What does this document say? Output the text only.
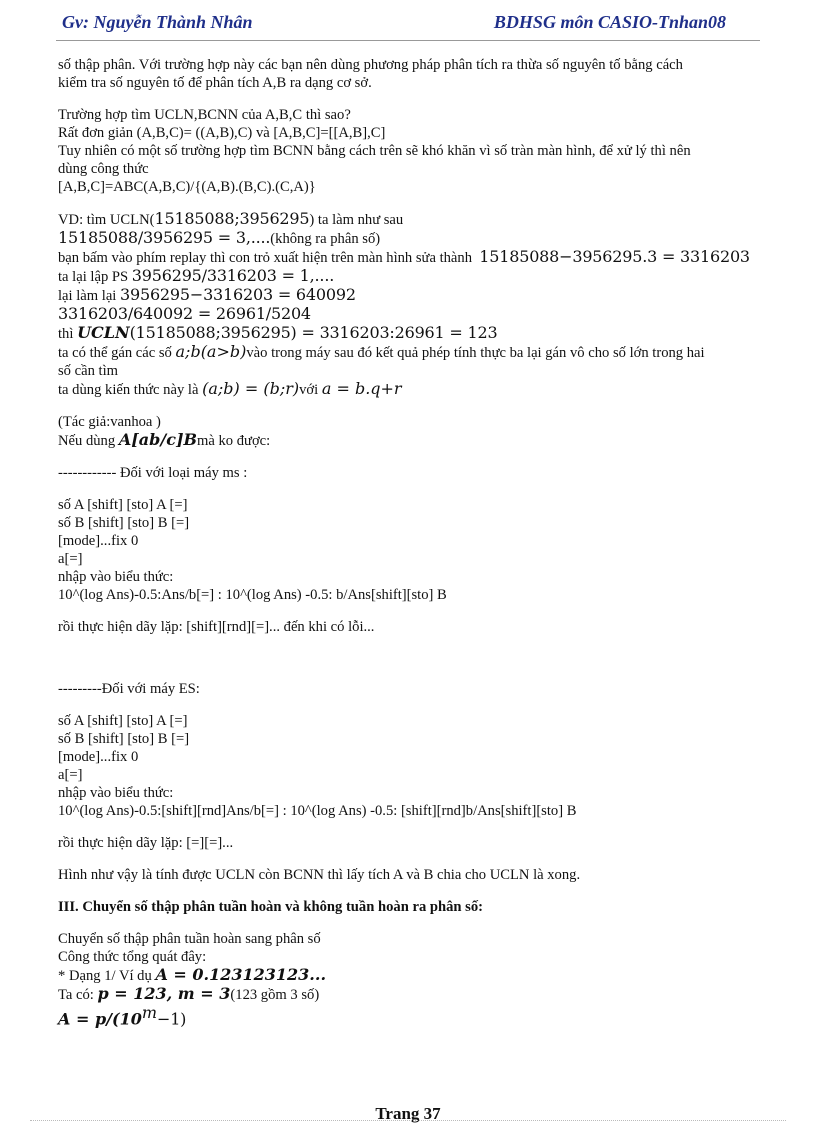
Gv: Nguyễn Thành Nhân	BDHSG môn CASIO-Tnhan08

số thập phân. Với trường hợp này các bạn nên dùng phương pháp phân tích ra thừa số nguyên tố bằng cách

kiểm tra số nguyên tố để phân tích A,B ra dạng cơ sở.

Trường hợp tìm UCLN,BCNN của A,B,C thì sao?

Rất đơn giản (A,B,C)= ((A,B),C) và [A,B,C]=[[A,B],C]

Tuy nhiên có một số trường hợp tìm BCNN bằng cách trên sẽ khó khăn vì số tràn màn hình, để xử lý thì nên

dùng công thức

[A,B,C]=ABC(A,B,C)/{(A,B).(B,C).(C,A)}

VD: tìm UCLN(15185088;3956295) ta làm như sau

15185088/3956295 = 3,....(không ra phân số)

bạn bấm vào phím replay thì con trỏ xuất hiện trên màn hình sửa thành 15185088−3956295.3 = 3316203

ta lại lập PS 3956295/3316203 = 1,....

lại làm lại 3956295−3316203 = 640092

3316203/640092 = 26961/5204

thì UCLN(15185088;3956295) = 3316203:26961 = 123

ta có thể gán các số a;b(a>b)vào trong máy sau đó kết quả phép tính thực ba lại gán vô cho số lớn trong hai

số cần tìm

ta dùng kiến thức này là (a;b) = (b;r)với a = b.q+r

(Tác giả:vanhoa )

Nếu dùng A[ab/c]Bmà ko được:

------------ Đối với loại máy ms :

số A [shift] [sto] A [=]

số B [shift] [sto] B [=]

[mode]...fix 0

a[=]

nhập vào biểu thức:

10^(log Ans)-0.5:Ans/b[=] : 10^(log Ans) -0.5: b/Ans[shift][sto] B

rồi thực hiện dãy lặp: [shift][rnd][=]... đến khi có lỗi...

---------Đối với máy ES:

số A [shift] [sto] A [=]

số B [shift] [sto] B [=]

[mode]...fix 0

a[=]

nhập vào biểu thức:

10^(log Ans)-0.5:[shift][rnd]Ans/b[=] : 10^(log Ans) -0.5: [shift][rnd]b/Ans[shift][sto] B

rồi thực hiện dãy lặp: [=][=]...

Hình như vậy là tính được UCLN còn BCNN thì lấy tích A và B chia cho UCLN là xong.

III. Chuyển số thập phân tuần hoàn và không tuần hoàn ra phân số:

Chuyển số thập phân tuần hoàn sang phân số

Công thức tổng quát đây:

* Dạng 1/ Ví dụ A = 0.123123123...

Ta có: p = 123, m = 3(123 gồm 3 số)

$A = p/(10^m-1)$

Trang 37
